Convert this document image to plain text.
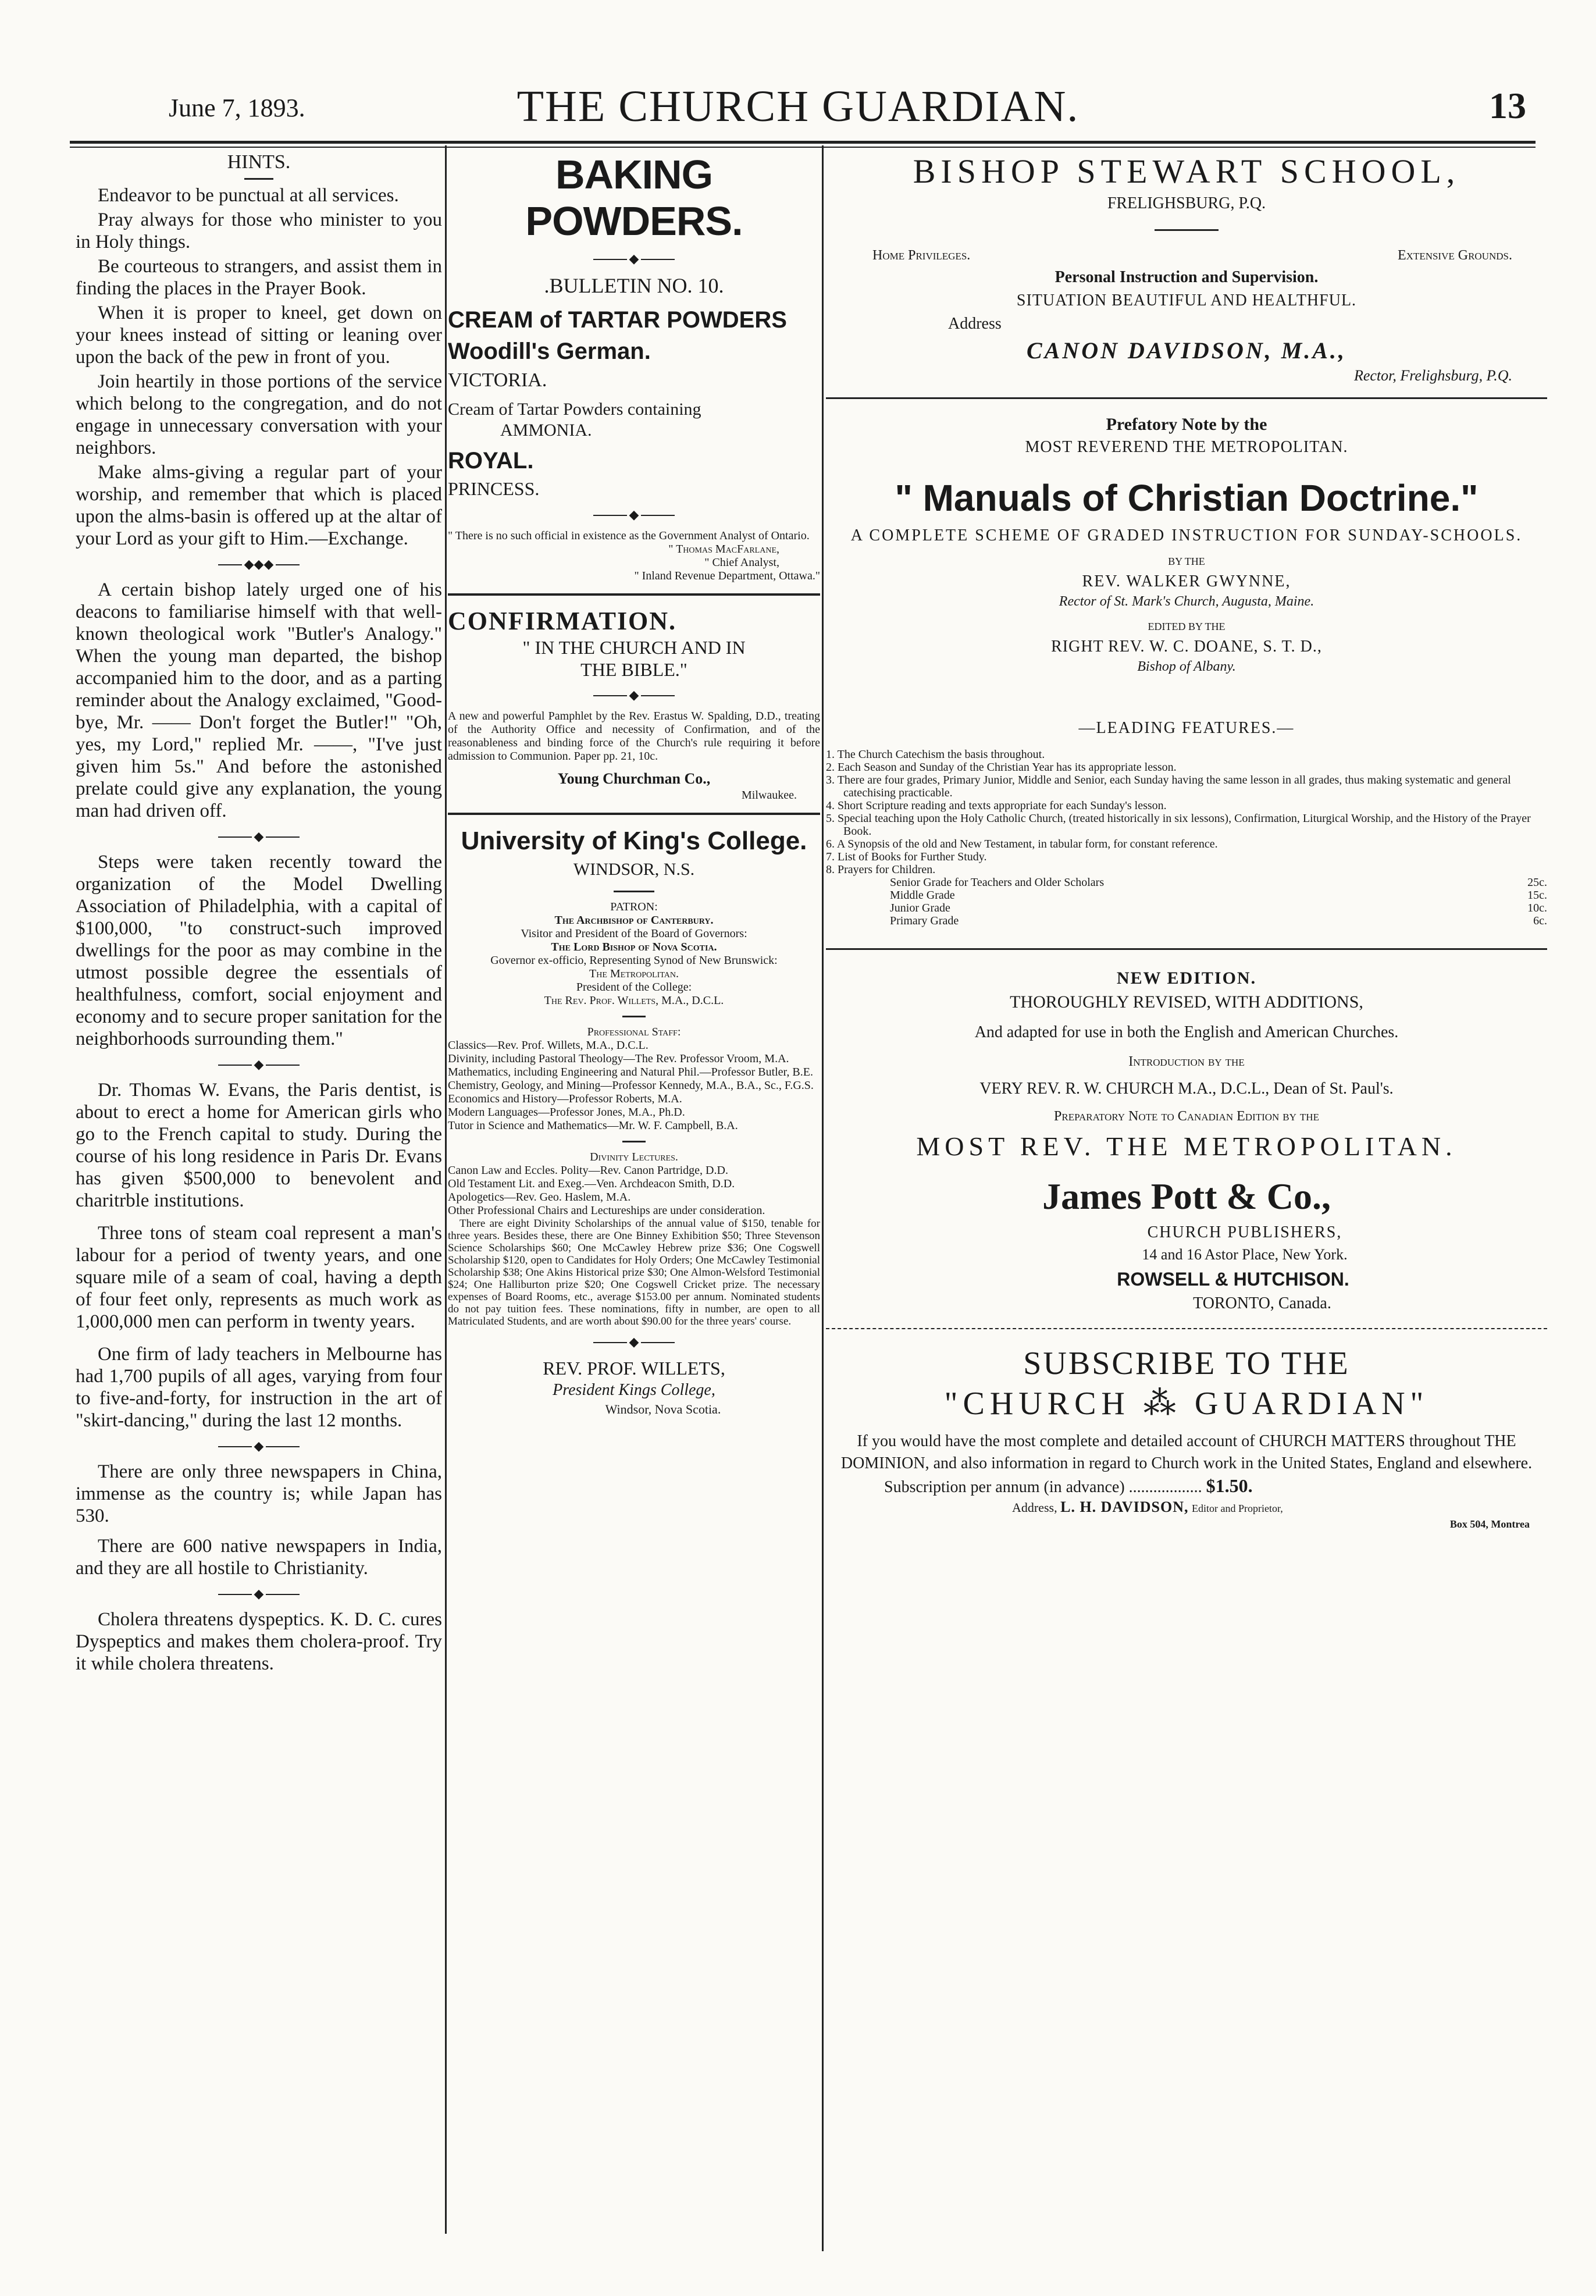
June 7, 1893.	THE CHURCH GUARDIAN.	13
HINTS.

Endeavor to be punctual at all services.

Pray always for those who minister to you in Holy things.

Be courteous to strangers, and assist them in finding the places in the Prayer Book.

When it is proper to kneel, get down on your knees instead of sitting or leaning over upon the back of the pew in front of you.

Join heartily in those portions of the service which belong to the congregation, and do not engage in unnecessary conversation with your neighbors.

Make alms-giving a regular part of your worship, and remember that which is placed upon the alms-basin is offered up at the altar of your Lord as your gift to Him.—Exchange.

◆◆◆

A certain bishop lately urged one of his deacons to familiarise himself with that well-known theological work "Butler's Analogy." When the young man departed, the bishop accompanied him to the door, and as a parting reminder about the Analogy exclaimed, "Good-bye, Mr. —— Don't forget the Butler!" "Oh, yes, my Lord," replied Mr. ——, "I've just given him 5s." And before the astonished prelate could give any explanation, the young man had driven off.

◆

Steps were taken recently toward the organization of the Model Dwelling Association of Philadelphia, with a capital of $100,000, "to construct-such improved dwellings for the poor as may combine in the utmost possible degree the essentials of healthfulness, comfort, social enjoyment and economy and to secure proper sanitation for the neighborhoods surrounding them."

◆

Dr. Thomas W. Evans, the Paris dentist, is about to erect a home for American girls who go to the French capital to study. During the course of his long residence in Paris Dr. Evans has given $500,000 to benevolent and charitrble institutions.

Three tons of steam coal represent a man's labour for a period of twenty years, and one square mile of a seam of coal, having a depth of four feet only, represents as much work as 1,000,000 men can perform in twenty years.

One firm of lady teachers in Melbourne has had 1,700 pupils of all ages, varying from four to five-and-forty, for instruction in the art of "skirt-dancing," during the last 12 months.

◆

There are only three newspapers in China, immense as the country is; while Japan has 530.

There are 600 native newspapers in India, and they are all hostile to Christianity.

◆

Cholera threatens dyspeptics. K. D. C. cures Dyspeptics and makes them cholera-proof. Try it while cholera threatens.

BAKING POWDERS.
◆
.BULLETIN NO. 10.
CREAM of TARTAR POWDERS
Woodill's German.
VICTORIA.
Cream of Tartar Powders containing
AMMONIA.
ROYAL.
PRINCESS.
◆
" There is no such official in existence as the Government Analyst of Ontario.
" Thomas MacFarlane,
" Chief Analyst,
" Inland Revenue Department, Ottawa."
CONFIRMATION.
" IN THE CHURCH AND IN
THE BIBLE."
◆
A new and powerful Pamphlet by the Rev. Erastus W. Spalding, D.D., treating of the Authority Office and necessity of Confirmation, and of the reasonableness and binding force of the Church's rule requiring it before admission to Communion. Paper pp. 21, 10c.
Young Churchman Co.,
Milwaukee.
University of King's College.
WINDSOR, N.S.
PATRON:
The Archbishop of Canterbury.
Visitor and President of the Board of Governors:
The Lord Bishop of Nova Scotia.
Governor ex-officio, Representing Synod of New Brunswick:
The Metropolitan.
President of the College:
The Rev. Prof. Willets, M.A., D.C.L.
Professional Staff:
Classics—Rev. Prof. Willets, M.A., D.C.L.
Divinity, including Pastoral Theology—The Rev. Professor Vroom, M.A.
Mathematics, including Engineering and Natural Phil.—Professor Butler, B.E.
Chemistry, Geology, and Mining—Professor Kennedy, M.A., B.A., Sc., F.G.S.
Economics and History—Professor Roberts, M.A.
Modern Languages—Professor Jones, M.A., Ph.D.
Tutor in Science and Mathematics—Mr. W. F. Campbell, B.A.
Divinity Lectures.
Canon Law and Eccles. Polity—Rev. Canon Partridge, D.D.
Old Testament Lit. and Exeg.—Ven. Archdeacon Smith, D.D.
Apologetics—Rev. Geo. Haslem, M.A.
Other Professional Chairs and Lectureships are under consideration.
There are eight Divinity Scholarships of the annual value of $150, tenable for three years. Besides these, there are One Binney Exhibition $50; Three Stevenson Science Scholarships $60; One McCawley Hebrew prize $36; One Cogswell Scholarship $120, open to Candidates for Holy Orders; One McCawley Testimonial Scholarship $38; One Akins Historical prize $30; One Almon-Welsford Testimonial $24; One Halliburton prize $20; One Cogswell Cricket prize. The necessary expenses of Board Rooms, etc., average $153.00 per annum. Nominated students do not pay tuition fees. These nominations, fifty in number, are open to all Matriculated Students, and are worth about $90.00 for the three years' course.
◆
REV. PROF. WILLETS,
President Kings College,
Windsor, Nova Scotia.
BISHOP STEWART SCHOOL,
FRELIGHSBURG, P.Q.
Home Privileges.	Extensive Grounds.
Personal Instruction and Supervision.
SITUATION BEAUTIFUL AND HEALTHFUL.
Address
CANON DAVIDSON, M.A.,
Rector, Frelighsburg, P.Q.
Prefatory Note by the
MOST REVEREND THE METROPOLITAN.
" Manuals of Christian Doctrine."
A COMPLETE SCHEME OF GRADED INSTRUCTION FOR SUNDAY-SCHOOLS.
BY THE
REV. WALKER GWYNNE,
Rector of St. Mark's Church, Augusta, Maine.
EDITED BY THE
RIGHT REV. W. C. DOANE, S. T. D.,
Bishop of Albany.
—LEADING FEATURES.—
1. The Church Catechism the basis throughout.
2. Each Season and Sunday of the Christian Year has its appropriate lesson.
3. There are four grades, Primary Junior, Middle and Senior, each Sunday having the same lesson in all grades, thus making systematic and general catechising practicable.
4. Short Scripture reading and texts appropriate for each Sunday's lesson.
5. Special teaching upon the Holy Catholic Church, (treated historically in six lessons), Confirmation, Liturgical Worship, and the History of the Prayer Book.
6. A Synopsis of the old and New Testament, in tabular form, for constant reference.
7. List of Books for Further Study.
8. Prayers for Children.
Senior Grade for Teachers and Older Scholars	25c.
Middle Grade	15c.
Junior Grade	10c.
Primary Grade	6c.
NEW EDITION.
THOROUGHLY REVISED, WITH ADDITIONS,
And adapted for use in both the English and American Churches.
Introduction by the
VERY REV. R. W. CHURCH M.A., D.C.L., Dean of St. Paul's.
Preparatory Note to Canadian Edition by the
MOST REV. THE METROPOLITAN.
James Pott & Co.,
CHURCH PUBLISHERS,
14 and 16 Astor Place, New York.
ROWSELL & HUTCHISON.
TORONTO, Canada.
SUBSCRIBE TO THE
"CHURCH ⁂ GUARDIAN"
If you would have the most complete and detailed account of CHURCH MATTERS throughout THE DOMINION, and also information in regard to Church work in the United States, England and elsewhere.
Subscription per annum (in advance) .................. $1.50.
Address, L. H. DAVIDSON, Editor and Proprietor,
Box 504, Montrea
